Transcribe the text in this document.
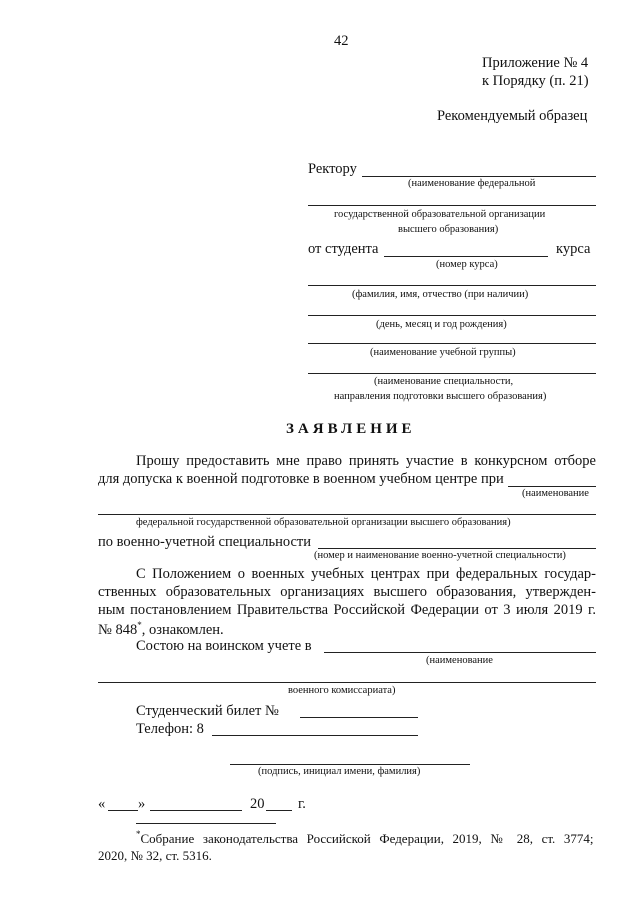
42
Приложение № 4
к Порядку (п. 21)
Рекомендуемый образец
Ректору
(наименование федеральной
государственной образовательной организации
высшего образования)
от студента	курса
(номер курса)
(фамилия, имя, отчество (при наличии)
(день, месяц и год рождения)
(наименование учебной группы)
(наименование специальности,
направления подготовки высшего образования)
ЗАЯВЛЕНИЕ
Прошу предоставить мне право принять участие в конкурсном отборе
для допуска к военной подготовке в военном учебном центре при
(наименование
федеральной государственной образовательной организации высшего образования)
по военно-учетной специальности
(номер и наименование военно-учетной специальности)
С Положением о военных учебных центрах при федеральных государ-
ственных образовательных организациях высшего образования, утвержден-
ным постановлением Правительства Российской Федерации от 3 июля 2019 г.
№ 848*, ознакомлен.
Состою на воинском учете в
(наименование
военного комиссариата)
Студенческий билет №
Телефон: 8
(подпись, инициал имени, фамилия)
« »	20 г.
*Собрание законодательства Российской Федерации, 2019, № 28, ст. 3774;
2020, № 32, ст. 5316.
